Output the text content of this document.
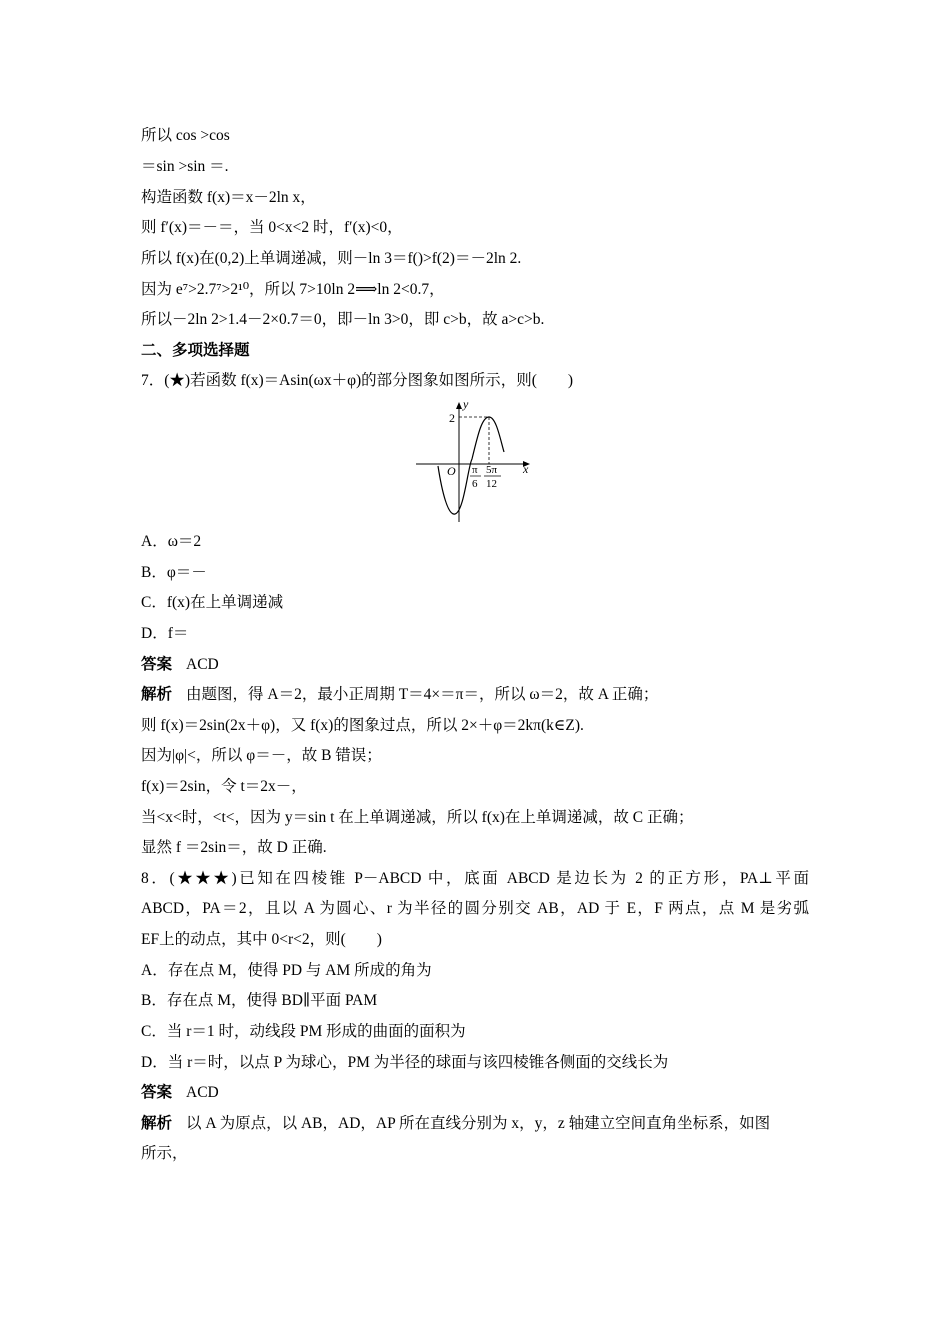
所以 cos >cos
＝sin >sin ＝.
构造函数 f(x)＝x－2ln x，
则 f′(x)＝－＝，当 0<x<2 时，f′(x)<0，
所以 f(x)在(0,2)上单调递减，则－ln 3＝f()>f(2)＝－2ln 2.
因为 e⁷>2.7⁷>2¹⁰，所以 7>10ln 2⟹ln 2<0.7，
所以－2ln 2>1.4－2×0.7＝0，即－ln 3>0，即 c>b，故 a>c>b.
二、多项选择题
7．(★)若函数 f(x)＝Asin(ωx＋φ)的部分图象如图所示，则(　　)
y
x
O
2
π
6
5π
12
A．ω＝2
B．φ＝－
C．f(x)在上单调递减
D．f＝
答案 ACD
解析 由题图，得 A＝2，最小正周期 T＝4×＝π＝，所以 ω＝2，故 A 正确；
则 f(x)＝2sin(2x＋φ)，又 f(x)的图象过点，所以 2×＋φ＝2kπ(k∈Z).
因为|φ|<，所以 φ＝－，故 B 错误；
f(x)＝2sin，令 t＝2x－，
当<x<时，<t<，因为 y＝sin t 在上单调递减，所以 f(x)在上单调递减，故 C 正确；
显然 f ＝2sin＝，故 D 正确.
8．(★★★)已知在四棱锥 P－ABCD 中，底面 ABCD 是边长为 2 的正方形，PA⊥平面
ABCD，PA＝2，且以 A 为圆心、r 为半径的圆分别交 AB，AD 于 E，F 两点，点 M 是劣弧
EF上的动点，其中 0<r<2，则(　　)
A．存在点 M，使得 PD 与 AM 所成的角为
B．存在点 M，使得 BD∥平面 PAM
C．当 r＝1 时，动线段 PM 形成的曲面的面积为
D．当 r＝时，以点 P 为球心，PM 为半径的球面与该四棱锥各侧面的交线长为
答案 ACD
解析 以 A 为原点，以 AB，AD，AP 所在直线分别为 x，y，z 轴建立空间直角坐标系，如图
所示，
